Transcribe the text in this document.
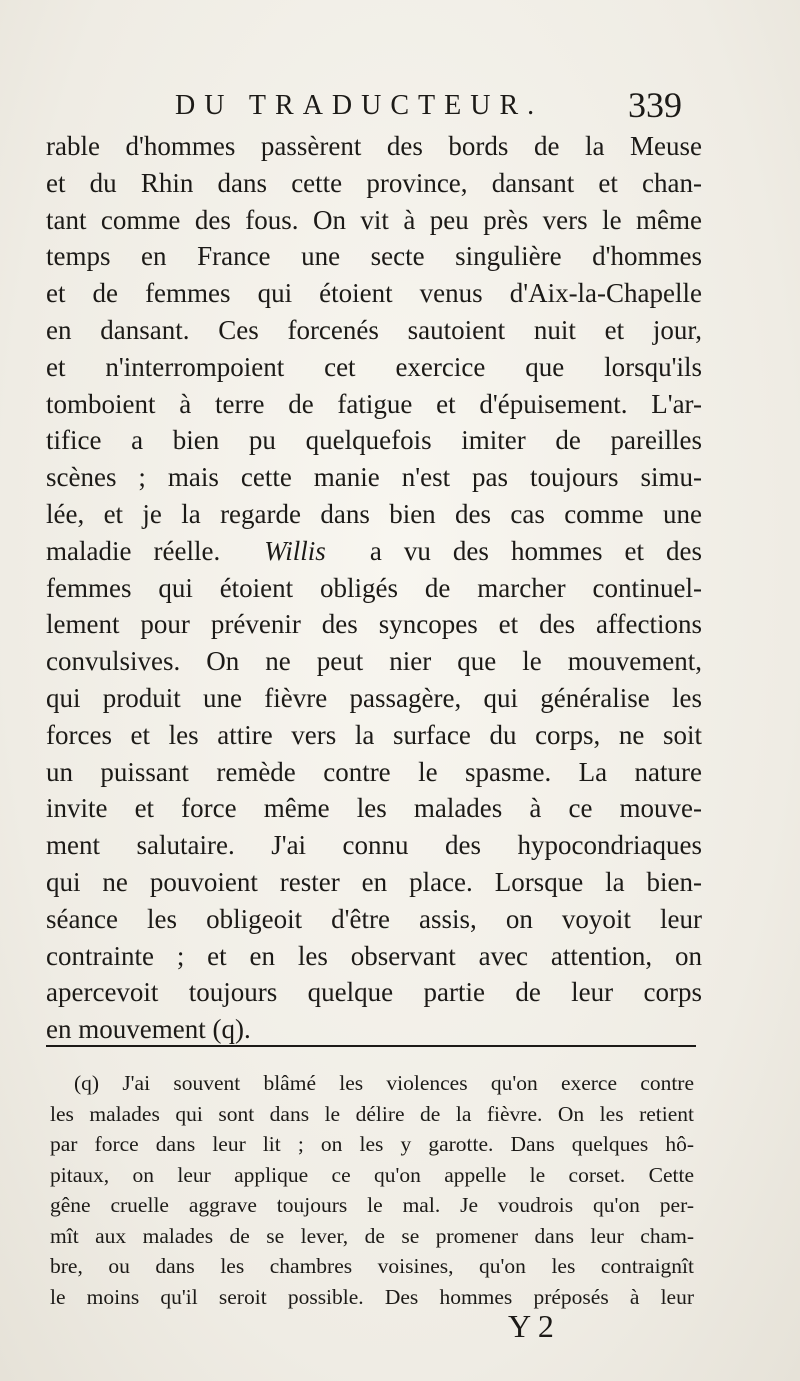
DU TRADUCTEUR. 339
rable d'hommes passèrent des bords de la Meuse
et du Rhin dans cette province, dansant et chan-
tant comme des fous. On vit à peu près vers le même
temps en France une secte singulière d'hommes
et de femmes qui étoient venus d'Aix-la-Chapelle
en dansant. Ces forcenés sautoient nuit et jour,
et n'interrompoient cet exercice que lorsqu'ils
tomboient à terre de fatigue et d'épuisement. L'ar-
tifice a bien pu quelquefois imiter de pareilles
scènes ; mais cette manie n'est pas toujours simu-
lée, et je la regarde dans bien des cas comme une
maladie réelle. Willis a vu des hommes et des
femmes qui étoient obligés de marcher continuel-
lement pour prévenir des syncopes et des affections
convulsives. On ne peut nier que le mouvement,
qui produit une fièvre passagère, qui généralise les
forces et les attire vers la surface du corps, ne soit
un puissant remède contre le spasme. La nature
invite et force même les malades à ce mouve-
ment salutaire. J'ai connu des hypocondriaques
qui ne pouvoient rester en place. Lorsque la bien-
séance les obligeoit d'être assis, on voyoit leur
contrainte ; et en les observant avec attention, on
apercevoit toujours quelque partie de leur corps
en mouvement (q).
(q) J'ai souvent blâmé les violences qu'on exerce contre
les malades qui sont dans le délire de la fièvre. On les retient
par force dans leur lit ; on les y garotte. Dans quelques hô-
pitaux, on leur applique ce qu'on appelle le corset. Cette
gêne cruelle aggrave toujours le mal. Je voudrois qu'on per-
mît aux malades de se lever, de se promener dans leur cham-
bre, ou dans les chambres voisines, qu'on les contraignît
le moins qu'il seroit possible. Des hommes préposés à leur
Y 2
